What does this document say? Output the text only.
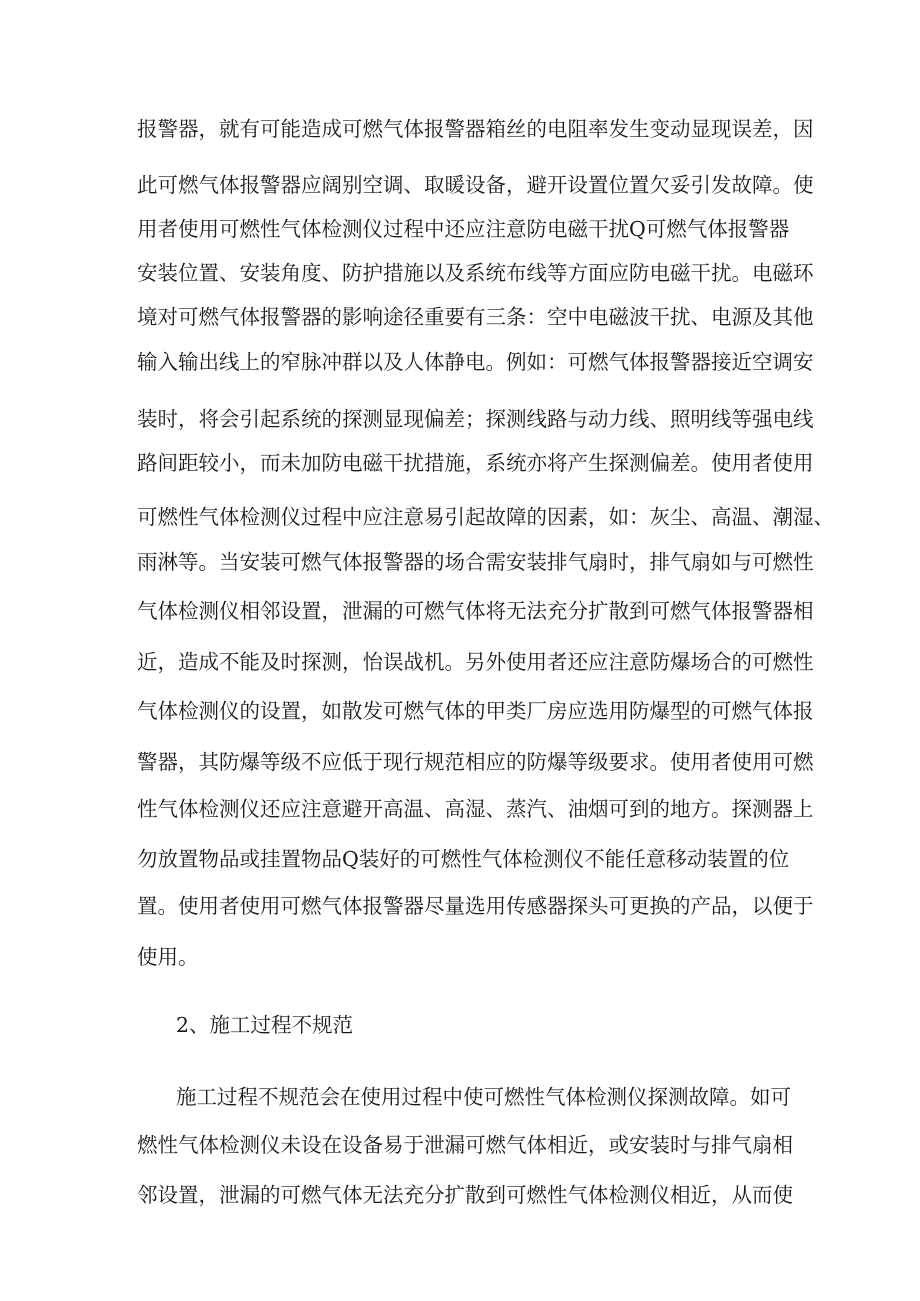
报警器，就有可能造成可燃气体报警器箱丝的电阻率发生变动显现误差，因
此可燃气体报警器应阔别空调、取暖设备，避开设置位置欠妥引发故障。使
用者使用可燃性气体检测仪过程中还应注意防电磁干扰Q可燃气体报警器
安装位置、安装角度、防护措施以及系统布线等方面应防电磁干扰。电磁环
境对可燃气体报警器的影响途径重要有三条：空中电磁波干扰、电源及其他
输入输出线上的窄脉冲群以及人体静电。例如：可燃气体报警器接近空调安
装时，将会引起系统的探测显现偏差；探测线路与动力线、照明线等强电线
路间距较小，而未加防电磁干扰措施，系统亦将产生探测偏差。使用者使用
可燃性气体检测仪过程中应注意易引起故障的因素，如：灰尘、高温、潮湿、
雨淋等。当安装可燃气体报警器的场合需安装排气扇时，排气扇如与可燃性
气体检测仪相邻设置，泄漏的可燃气体将无法充分扩散到可燃气体报警器相
近，造成不能及时探测，怡误战机。另外使用者还应注意防爆场合的可燃性
气体检测仪的设置，如散发可燃气体的甲类厂房应选用防爆型的可燃气体报
警器，其防爆等级不应低于现行规范相应的防爆等级要求。使用者使用可燃
性气体检测仪还应注意避开高温、高湿、蒸汽、油烟可到的地方。探测器上
勿放置物品或挂置物品Q装好的可燃性气体检测仪不能任意移动装置的位
置。使用者使用可燃气体报警器尽量选用传感器探头可更换的产品，以便于
使用。
2、施工过程不规范
施工过程不规范会在使用过程中使可燃性气体检测仪探测故障。如可
燃性气体检测仪未设在设备易于泄漏可燃气体相近，或安装时与排气扇相
邻设置，泄漏的可燃气体无法充分扩散到可燃性气体检测仪相近，从而使
